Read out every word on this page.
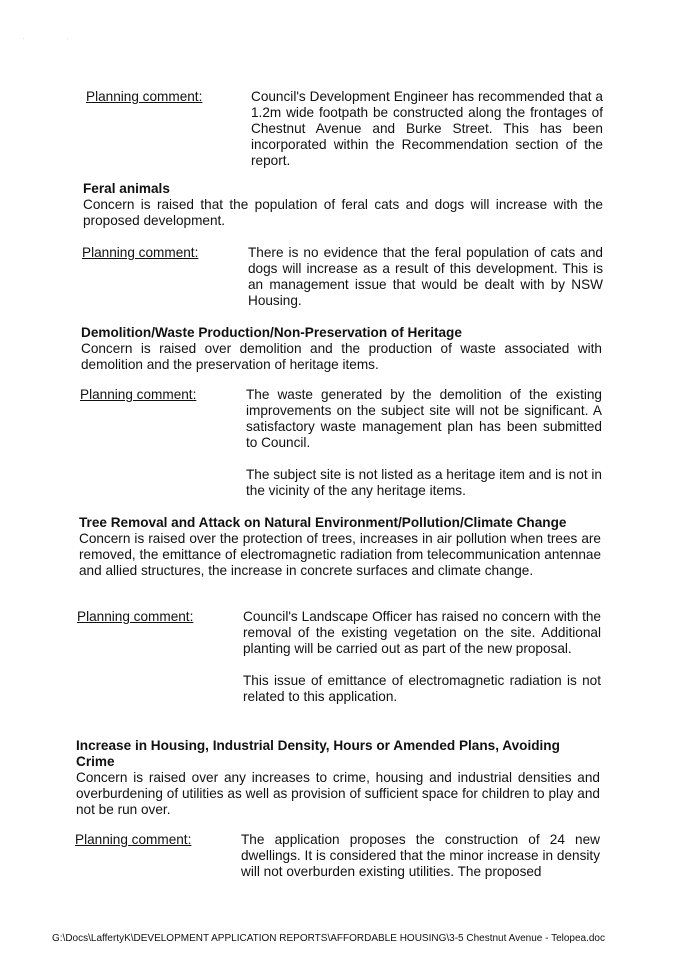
·	·
Planning comment:	Council's Development Engineer has recommended that a 1.2m wide footpath be constructed along the frontages of Chestnut Avenue and Burke Street. This has been incorporated within the Recommendation section of the report.

Feral animals

Concern is raised that the population of feral cats and dogs will increase with the proposed development.

Planning comment:	There is no evidence that the feral population of cats and dogs will increase as a result of this development. This is an management issue that would be dealt with by NSW Housing.

Demolition/Waste Production/Non-Preservation of Heritage

Concern is raised over demolition and the production of waste associated with demolition and the preservation of heritage items.

Planning comment:	The waste generated by the demolition of the existing improvements on the subject site will not be significant. A satisfactory waste management plan has been submitted to Council.

The subject site is not listed as a heritage item and is not in the vicinity of the any heritage items.

Tree Removal and Attack on Natural Environment/Pollution/Climate Change

Concern is raised over the protection of trees, increases in air pollution when trees are removed, the emittance of electromagnetic radiation from telecommunication antennae and allied structures, the increase in concrete surfaces and climate change.

Planning comment:	Council's Landscape Officer has raised no concern with the removal of the existing vegetation on the site. Additional planting will be carried out as part of the new proposal.

This issue of emittance of electromagnetic radiation is not related to this application.

Increase in Housing, Industrial Density, Hours or Amended Plans, Avoiding Crime

Concern is raised over any increases to crime, housing and industrial densities and overburdening of utilities as well as provision of sufficient space for children to play and not be run over.

Planning comment:	The application proposes the construction of 24 new dwellings. It is considered that the minor increase in density will not overburden existing utilities. The proposed

G:\Docs\LaffertyK\DEVELOPMENT APPLICATION REPORTS\AFFORDABLE HOUSING\3-5 Chestnut Avenue - Telopea.doc
